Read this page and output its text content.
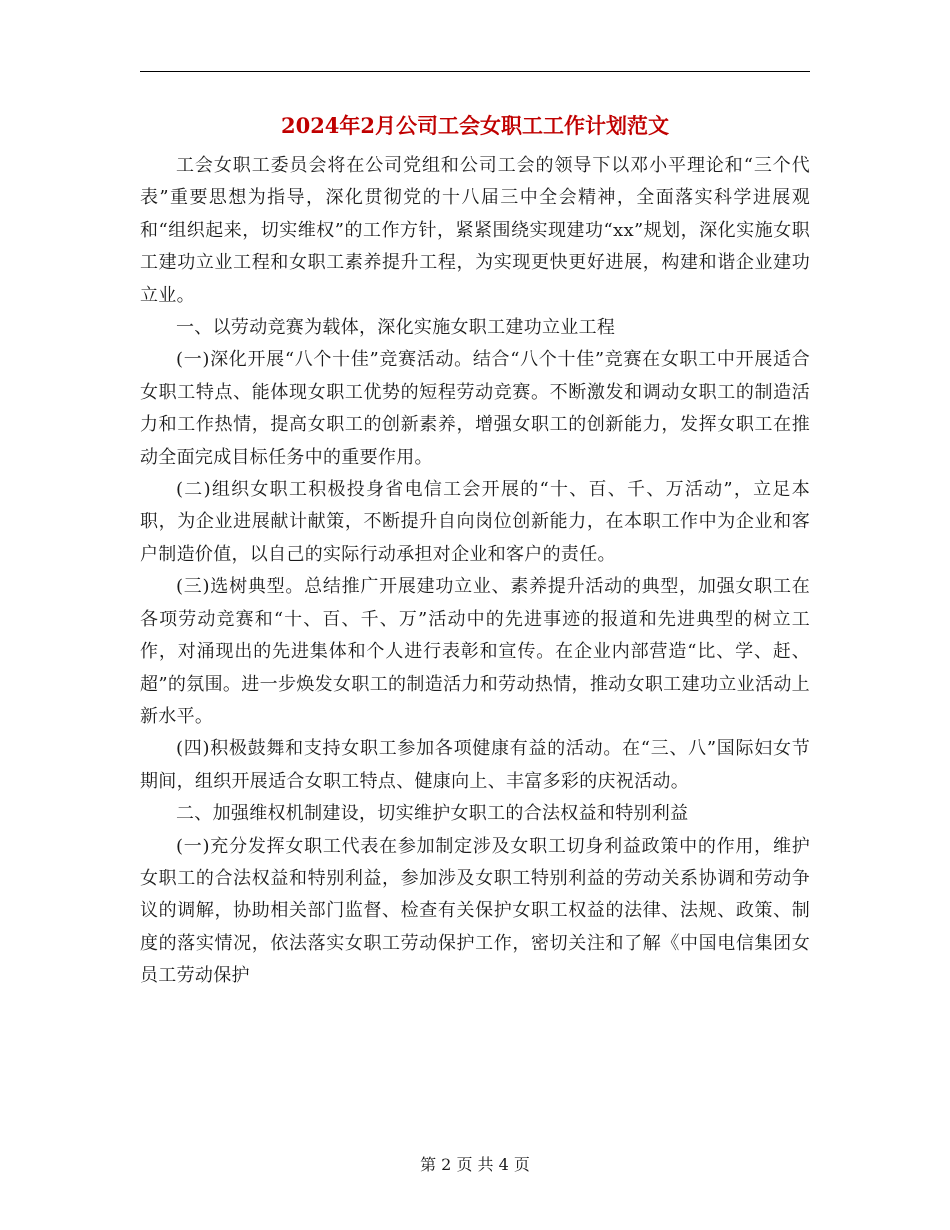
2024年2月公司工会女职工工作计划范文

工会女职工委员会将在公司党组和公司工会的领导下以邓小平理论和“三个代表”重要思想为指导，深化贯彻党的十八届三中全会精神，全面落实科学进展观和“组织起来，切实维权”的工作方针，紧紧围绕实现建功“xx”规划，深化实施女职工建功立业工程和女职工素养提升工程，为实现更快更好进展，构建和谐企业建功立业。

一、以劳动竞赛为载体，深化实施女职工建功立业工程

(一)深化开展“八个十佳”竞赛活动。结合“八个十佳”竞赛在女职工中开展适合女职工特点、能体现女职工优势的短程劳动竞赛。不断激发和调动女职工的制造活力和工作热情，提高女职工的创新素养，增强女职工的创新能力，发挥女职工在推动全面完成目标任务中的重要作用。

(二)组织女职工积极投身省电信工会开展的“十、百、千、万活动”，立足本职，为企业进展献计献策，不断提升自向岗位创新能力，在本职工作中为企业和客户制造价值，以自己的实际行动承担对企业和客户的责任。

(三)选树典型。总结推广开展建功立业、素养提升活动的典型，加强女职工在各项劳动竞赛和“十、百、千、万”活动中的先进事迹的报道和先进典型的树立工作，对涌现出的先进集体和个人进行表彰和宣传。在企业内部营造“比、学、赶、超”的氛围。进一步焕发女职工的制造活力和劳动热情，推动女职工建功立业活动上新水平。

(四)积极鼓舞和支持女职工参加各项健康有益的活动。在“三、八”国际妇女节期间，组织开展适合女职工特点、健康向上、丰富多彩的庆祝活动。

二、加强维权机制建设，切实维护女职工的合法权益和特别利益

(一)充分发挥女职工代表在参加制定涉及女职工切身利益政策中的作用，维护女职工的合法权益和特别利益，参加涉及女职工特别利益的劳动关系协调和劳动争议的调解，协助相关部门监督、检查有关保护女职工权益的法律、法规、政策、制度的落实情况，依法落实女职工劳动保护工作，密切关注和了解《中国电信集团女员工劳动保护

第 2 页 共 4 页
